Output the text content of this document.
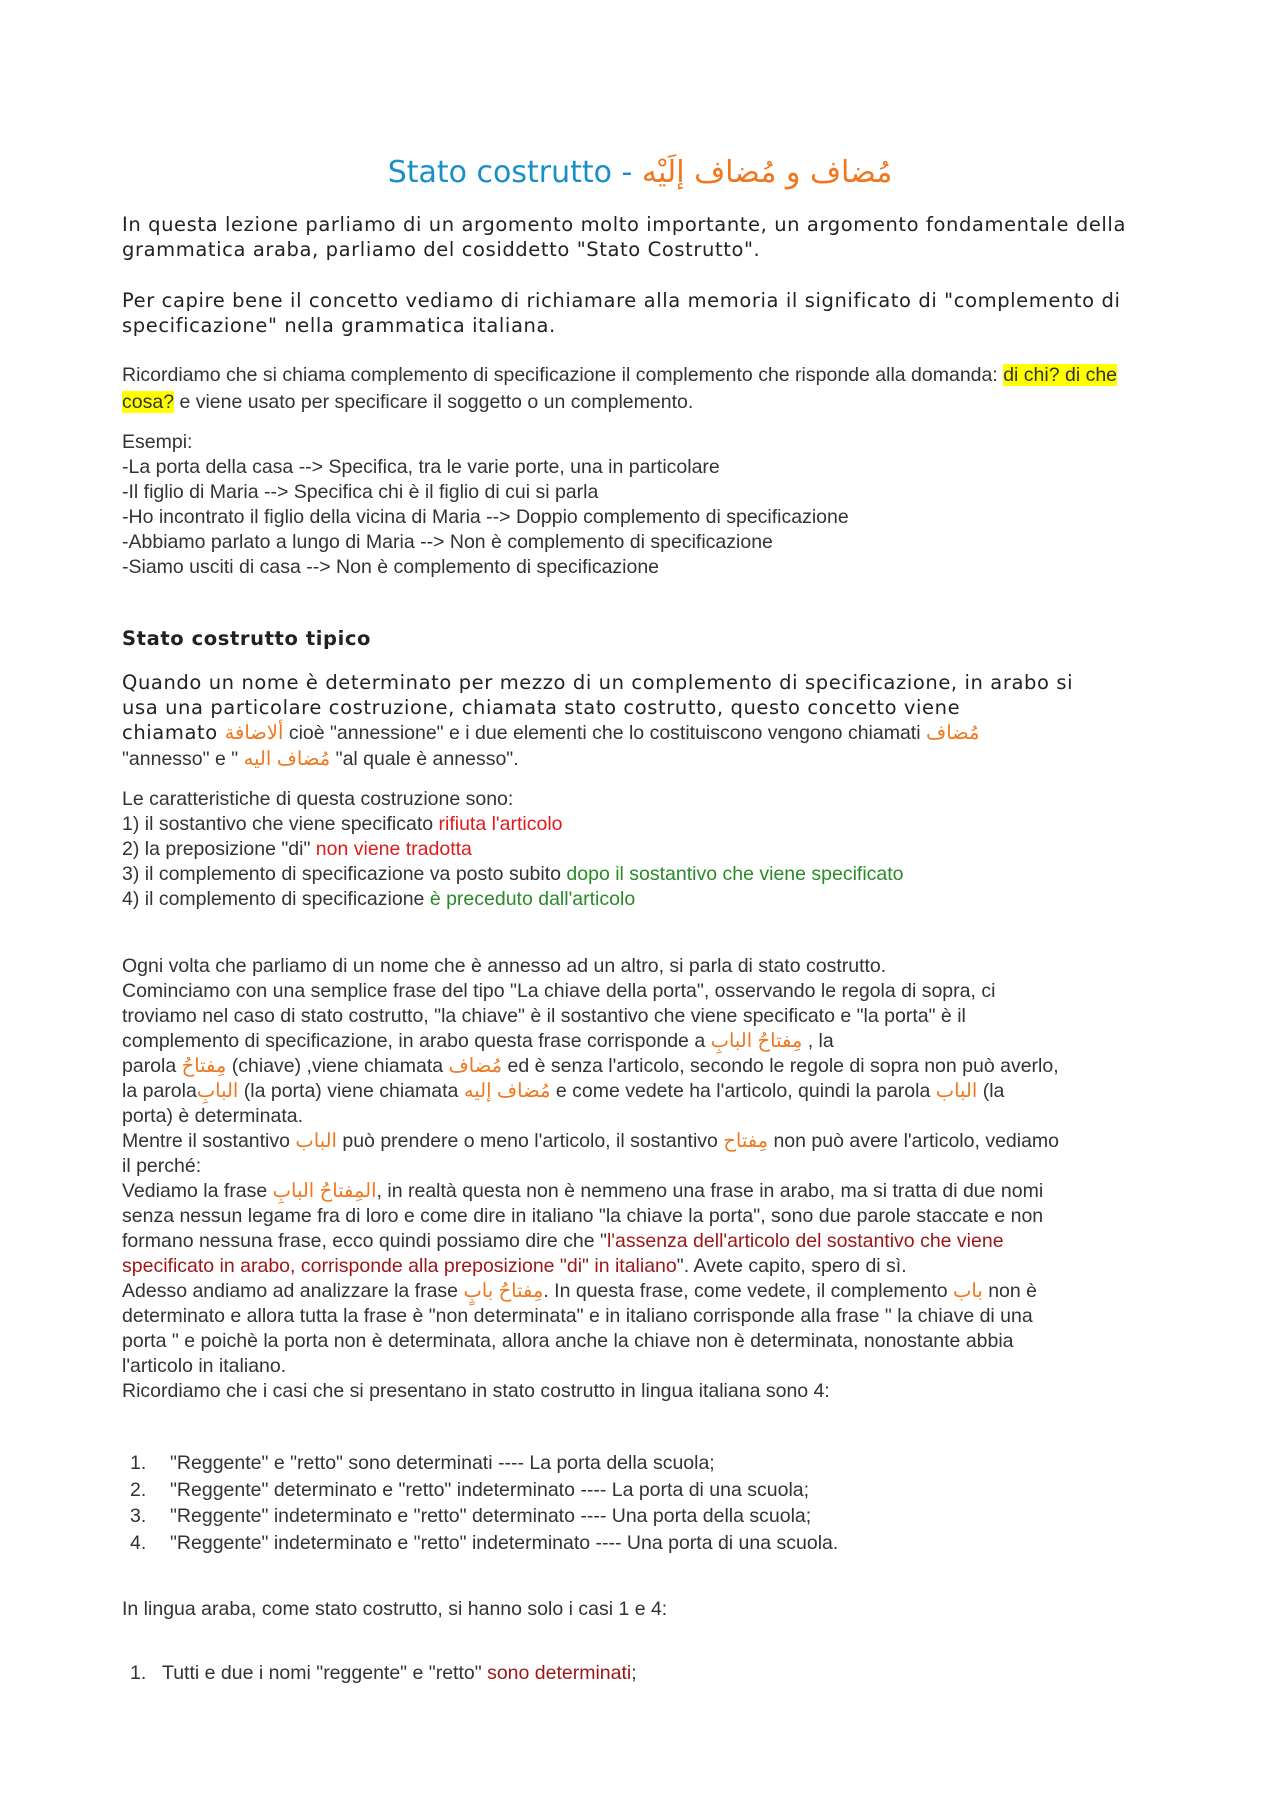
Stato costrutto - مُضاف و مُضاف إلَيْه

In questa lezione parliamo di un argomento molto importante, un argomento fondamentale della grammatica araba, parliamo del cosiddetto "Stato Costrutto".

Per capire bene il concetto vediamo di richiamare alla memoria il significato di "complemento di specificazione" nella grammatica italiana.

Ricordiamo che si chiama complemento di specificazione il complemento che risponde alla domanda: di chi? di che cosa? e viene usato per specificare il soggetto o un complemento.

Esempi:

-La porta della casa --> Specifica, tra le varie porte, una in particolare

-Il figlio di Maria --> Specifica chi è il figlio di cui si parla

-Ho incontrato il figlio della vicina di Maria --> Doppio complemento di specificazione

-Abbiamo parlato a lungo di Maria --> Non è complemento di specificazione

-Siamo usciti di casa --> Non è complemento di specificazione

Stato costrutto tipico

Quando un nome è determinato per mezzo di un complemento di specificazione, in arabo si

usa una particolare costruzione, chiamata stato costrutto, questo concetto viene

chiamato ألاضافة cioè "annessione" e i due elementi che lo costituiscono vengono chiamati مُضاف

"annesso" e " مُضاف اليه "al quale è annesso".

Le caratteristiche di questa costruzione sono:

1) il sostantivo che viene specificato rifiuta l'articolo

2) la preposizione "di" non viene tradotta

3) il complemento di specificazione va posto subito dopo il sostantivo che viene specificato

4) il complemento di specificazione è preceduto dall'articolo

Ogni volta che parliamo di un nome che è annesso ad un altro, si parla di stato costrutto.

Cominciamo con una semplice frase del tipo "La chiave della porta", osservando le regola di sopra, ci

troviamo nel caso di stato costrutto, "la chiave" è il sostantivo che viene specificato e "la porta" è il

complemento di specificazione, in arabo questa frase corrisponde a مِفتاحُ البابِ , la

parola مِفتاحُ (chiave) ,viene chiamata مُضاف ed è senza l'articolo, secondo le regole di sopra non può averlo,

la parolaالبابِ (la porta) viene chiamata مُضاف إليه e come vedete ha l'articolo, quindi la parola الباب (la

porta) è determinata.

Mentre il sostantivo الباب può prendere o meno l'articolo, il sostantivo مِفتاح non può avere l'articolo, vediamo

il perché:

Vediamo la frase المِفتاحُ البابِ, in realtà questa non è nemmeno una frase in arabo, ma si tratta di due nomi

senza nessun legame fra di loro e come dire in italiano "la chiave la porta", sono due parole staccate e non

formano nessuna frase, ecco quindi possiamo dire che "l'assenza dell'articolo del sostantivo che viene

specificato in arabo, corrisponde alla preposizione "di" in italiano". Avete capito, spero di sì.

Adesso andiamo ad analizzare la frase مِفتاحُ بابٍ. In questa frase, come vedete, il complemento باب non è

determinato e allora tutta la frase è "non determinata" e in italiano corrisponde alla frase " la chiave di una

porta " e poichè la porta non è determinata, allora anche la chiave non è determinata, nonostante abbia

l'articolo in italiano.

Ricordiamo che i casi che si presentano in stato costrutto in lingua italiana sono 4:

1. "Reggente" e "retto" sono determinati ---- La porta della scuola;
2. "Reggente" determinato e "retto" indeterminato ---- La porta di una scuola;
3. "Reggente" indeterminato e "retto" determinato ---- Una porta della scuola;
4. "Reggente" indeterminato e "retto" indeterminato ---- Una porta di una scuola.
In lingua araba, come stato costrutto, si hanno solo i casi 1 e 4:
1. Tutti e due i nomi "reggente" e "retto" sono determinati;
